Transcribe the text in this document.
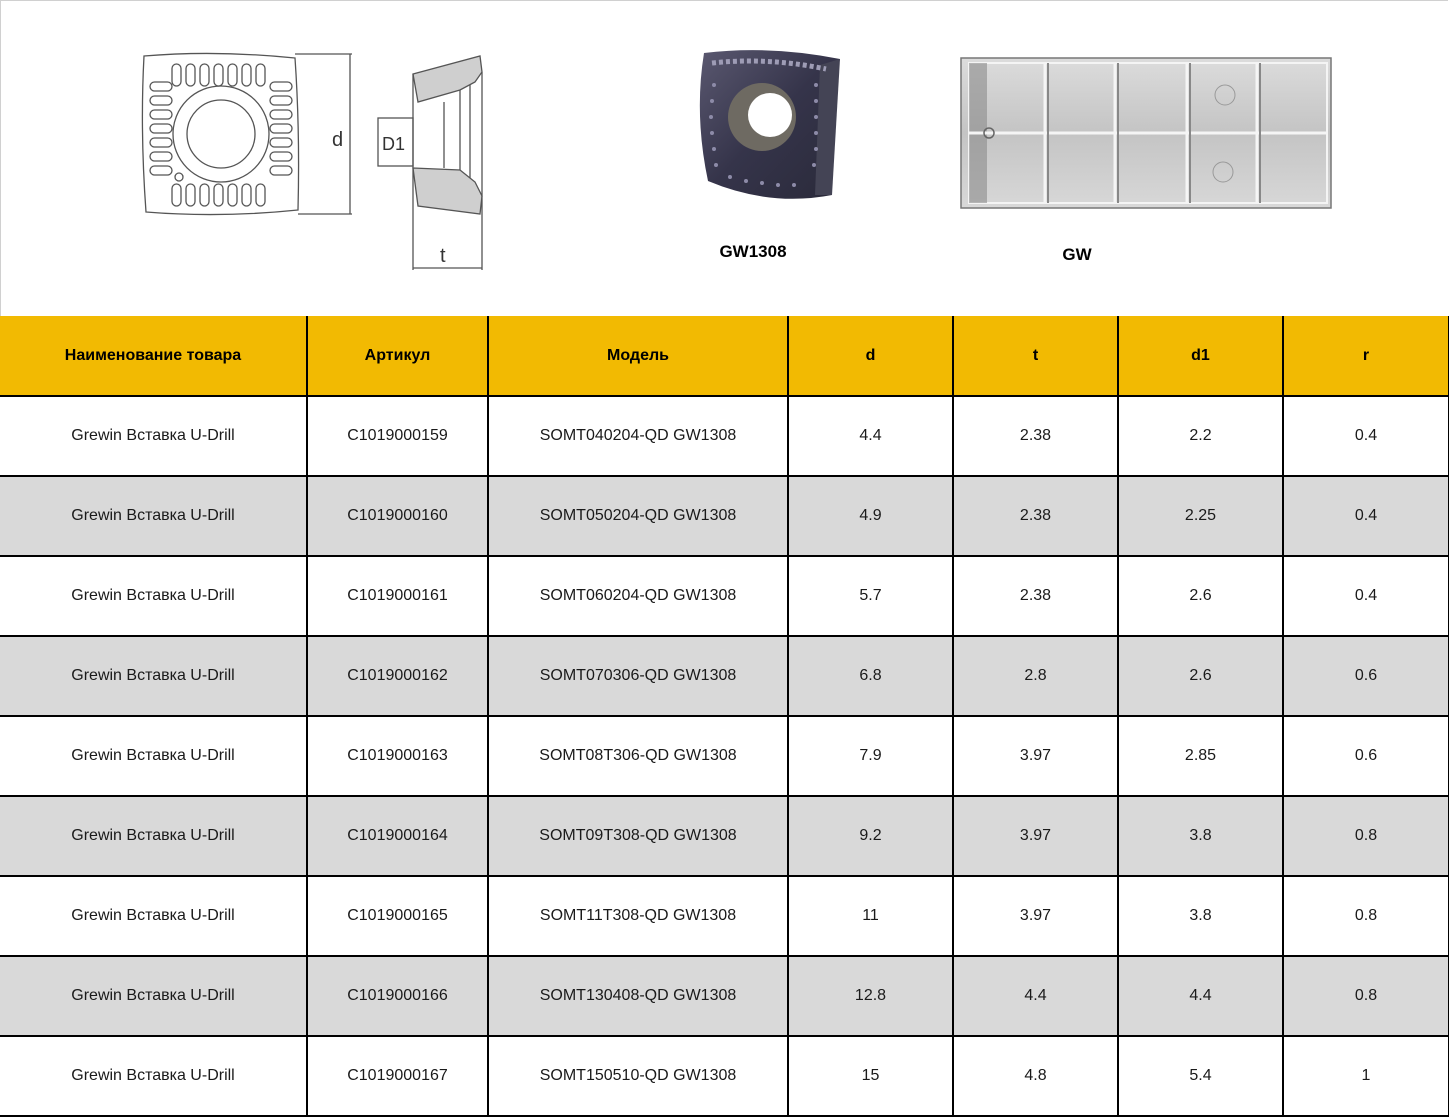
d D1
t	GW1308	GW
Наименование товара	Артикул	Модель	d	t	d1	r
Grewin Вставка U-Drill	C1019000159	SOMT040204-QD GW1308	4.4	2.38	2.2	0.4
Grewin Вставка U-Drill	C1019000160	SOMT050204-QD GW1308	4.9	2.38	2.25	0.4
Grewin Вставка U-Drill	C1019000161	SOMT060204-QD GW1308	5.7	2.38	2.6	0.4
Grewin Вставка U-Drill	C1019000162	SOMT070306-QD GW1308	6.8	2.8	2.6	0.6
Grewin Вставка U-Drill	C1019000163	SOMT08T306-QD GW1308	7.9	3.97	2.85	0.6
Grewin Вставка U-Drill	C1019000164	SOMT09T308-QD GW1308	9.2	3.97	3.8	0.8
Grewin Вставка U-Drill	C1019000165	SOMT11T308-QD GW1308	11	3.97	3.8	0.8
Grewin Вставка U-Drill	C1019000166	SOMT130408-QD GW1308	12.8	4.4	4.4	0.8
Grewin Вставка U-Drill	C1019000167	SOMT150510-QD GW1308	15	4.8	5.4	1
